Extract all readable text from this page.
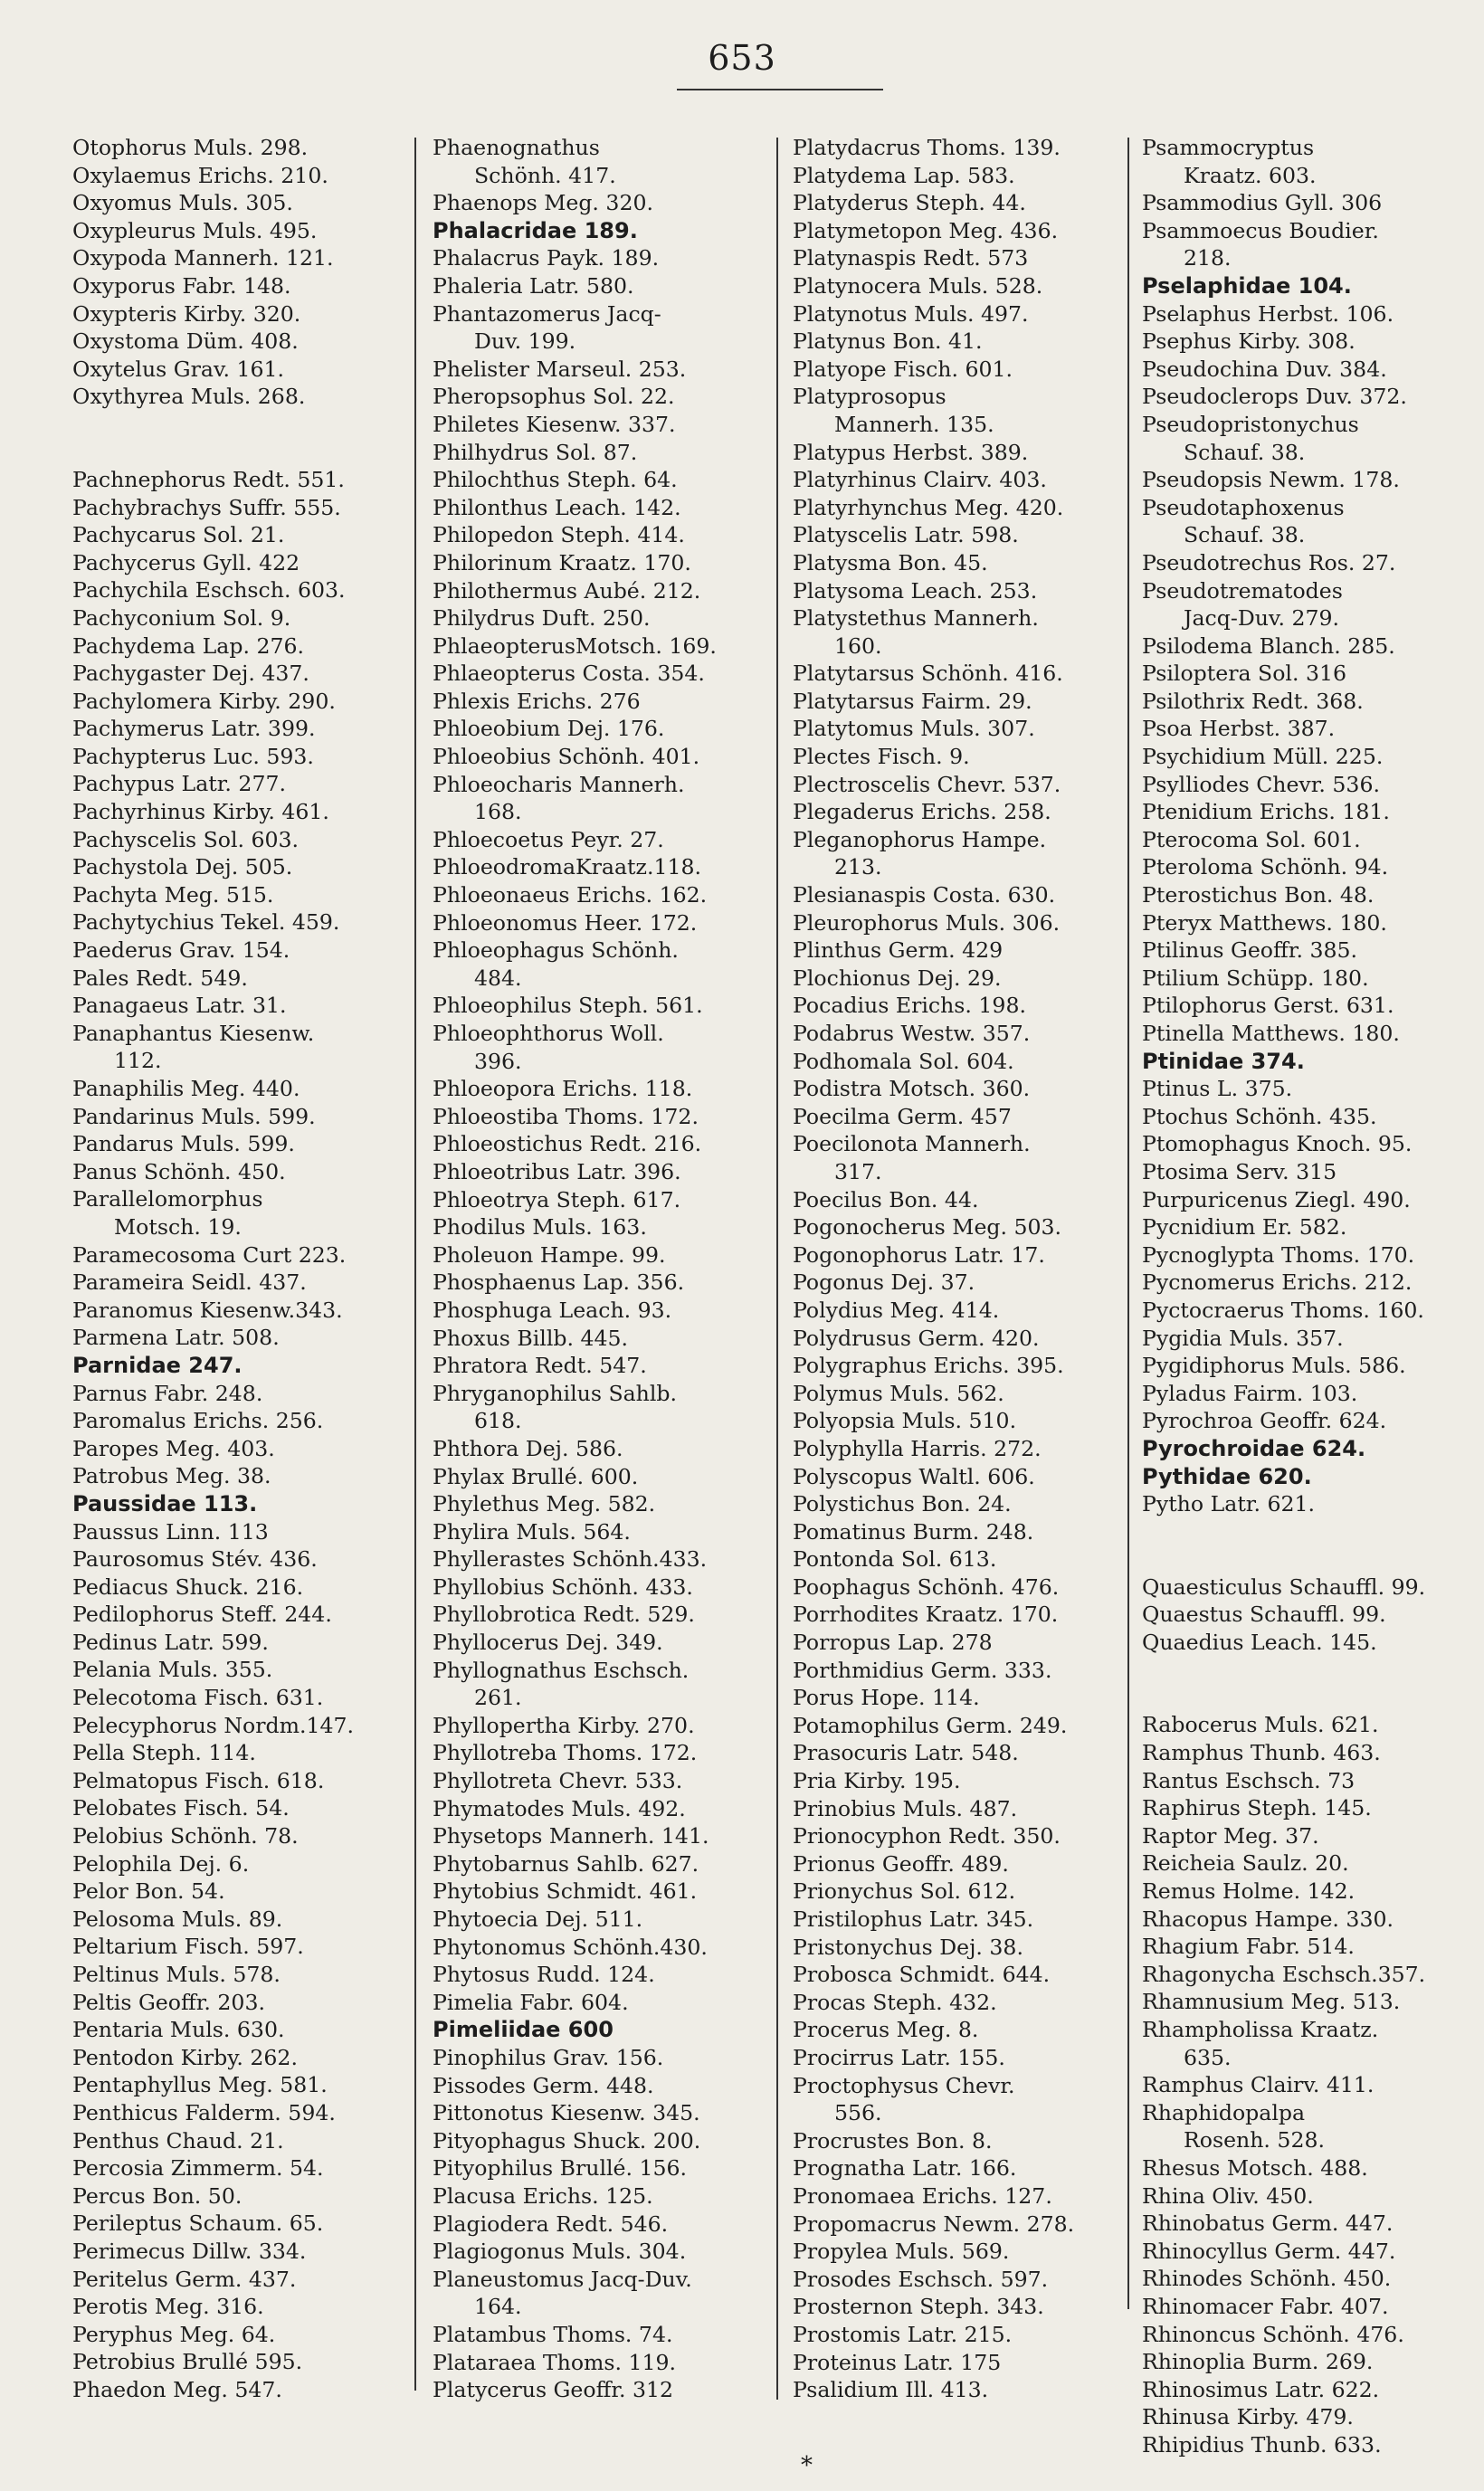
653
Otophorus Muls. 298.
Oxylaemus Erichs. 210.
Oxyomus Muls. 305.
Oxypleurus Muls. 495.
Oxypoda Mannerh. 121.
Oxyporus Fabr. 148.
Oxypteris Kirby. 320.
Oxystoma Düm. 408.
Oxytelus Grav. 161.
Oxythyrea Muls. 268.
Pachnephorus Redt. 551.
Pachybrachys Suffr. 555.
Pachycarus Sol. 21.
Pachycerus Gyll. 422
Pachychila Eschsch. 603.
Pachyconium Sol. 9.
Pachydema Lap. 276.
Pachygaster Dej. 437.
Pachylomera Kirby. 290.
Pachymerus Latr. 399.
Pachypterus Luc. 593.
Pachypus Latr. 277.
Pachyrhinus Kirby. 461.
Pachyscelis Sol. 603.
Pachystola Dej. 505.
Pachyta Meg. 515.
Pachytychius Tekel. 459.
Paederus Grav. 154.
Pales Redt. 549.
Panagaeus Latr. 31.
Panaphantus Kiesenw.
112.
Panaphilis Meg. 440.
Pandarinus Muls. 599.
Pandarus Muls. 599.
Panus Schönh. 450.
Parallelomorphus
Motsch. 19.
Paramecosoma Curt 223.
Parameira Seidl. 437.
Paranomus Kiesenw.343.
Parmena Latr. 508.
Parnidae 247.
Parnus Fabr. 248.
Paromalus Erichs. 256.
Paropes Meg. 403.
Patrobus Meg. 38.
Paussidae 113.
Paussus Linn. 113
Paurosomus Stév. 436.
Pediacus Shuck. 216.
Pedilophorus Steff. 244.
Pedinus Latr. 599.
Pelania Muls. 355.
Pelecotoma Fisch. 631.
Pelecyphorus Nordm.147.
Pella Steph. 114.
Pelmatopus Fisch. 618.
Pelobates Fisch. 54.
Pelobius Schönh. 78.
Pelophila Dej. 6.
Pelor Bon. 54.
Pelosoma Muls. 89.
Peltarium Fisch. 597.
Peltinus Muls. 578.
Peltis Geoffr. 203.
Pentaria Muls. 630.
Pentodon Kirby. 262.
Pentaphyllus Meg. 581.
Penthicus Falderm. 594.
Penthus Chaud. 21.
Percosia Zimmerm. 54.
Percus Bon. 50.
Perileptus Schaum. 65.
Perimecus Dillw. 334.
Peritelus Germ. 437.
Perotis Meg. 316.
Peryphus Meg. 64.
Petrobius Brullé 595.
Phaedon Meg. 547.
Phaenognathus
Schönh. 417.
Phaenops Meg. 320.
Phalacridae 189.
Phalacrus Payk. 189.
Phaleria Latr. 580.
Phantazomerus Jacq-
Duv. 199.
Phelister Marseul. 253.
Pheropsophus Sol. 22.
Philetes Kiesenw. 337.
Philhydrus Sol. 87.
Philochthus Steph. 64.
Philonthus Leach. 142.
Philopedon Steph. 414.
Philorinum Kraatz. 170.
Philothermus Aubé. 212.
Philydrus Duft. 250.
PhlaeopterusMotsch. 169.
Phlaeopterus Costa. 354.
Phlexis Erichs. 276
Phloeobium Dej. 176.
Phloeobius Schönh. 401.
Phloeocharis Mannerh.
168.
Phloecoetus Peyr. 27.
PhloeodromaKraatz.118.
Phloeonaeus Erichs. 162.
Phloeonomus Heer. 172.
Phloeophagus Schönh.
484.
Phloeophilus Steph. 561.
Phloeophthorus Woll.
396.
Phloeopora Erichs. 118.
Phloeostiba Thoms. 172.
Phloeostichus Redt. 216.
Phloeotribus Latr. 396.
Phloeotrya Steph. 617.
Phodilus Muls. 163.
Pholeuon Hampe. 99.
Phosphaenus Lap. 356.
Phosphuga Leach. 93.
Phoxus Billb. 445.
Phratora Redt. 547.
Phryganophilus Sahlb.
618.
Phthora Dej. 586.
Phylax Brullé. 600.
Phylethus Meg. 582.
Phylira Muls. 564.
Phyllerastes Schönh.433.
Phyllobius Schönh. 433.
Phyllobrotica Redt. 529.
Phyllocerus Dej. 349.
Phyllognathus Eschsch.
261.
Phyllopertha Kirby. 270.
Phyllotreba Thoms. 172.
Phyllotreta Chevr. 533.
Phymatodes Muls. 492.
Physetops Mannerh. 141.
Phytobarnus Sahlb. 627.
Phytobius Schmidt. 461.
Phytoecia Dej. 511.
Phytonomus Schönh.430.
Phytosus Rudd. 124.
Pimelia Fabr. 604.
Pimeliidae 600
Pinophilus Grav. 156.
Pissodes Germ. 448.
Pittonotus Kiesenw. 345.
Pityophagus Shuck. 200.
Pityophilus Brullé. 156.
Placusa Erichs. 125.
Plagiodera Redt. 546.
Plagiogonus Muls. 304.
Planeustomus Jacq-Duv.
164.
Platambus Thoms. 74.
Plataraea Thoms. 119.
Platycerus Geoffr. 312
Platydacrus Thoms. 139.
Platydema Lap. 583.
Platyderus Steph. 44.
Platymetopon Meg. 436.
Platynaspis Redt. 573
Platynocera Muls. 528.
Platynotus Muls. 497.
Platynus Bon. 41.
Platyope Fisch. 601.
Platyprosopus
Mannerh. 135.
Platypus Herbst. 389.
Platyrhinus Clairv. 403.
Platyrhynchus Meg. 420.
Platyscelis Latr. 598.
Platysma Bon. 45.
Platysoma Leach. 253.
Platystethus Mannerh.
160.
Platytarsus Schönh. 416.
Platytarsus Fairm. 29.
Platytomus Muls. 307.
Plectes Fisch. 9.
Plectroscelis Chevr. 537.
Plegaderus Erichs. 258.
Pleganophorus Hampe.
213.
Plesianaspis Costa. 630.
Pleurophorus Muls. 306.
Plinthus Germ. 429
Plochionus Dej. 29.
Pocadius Erichs. 198.
Podabrus Westw. 357.
Podhomala Sol. 604.
Podistra Motsch. 360.
Poecilma Germ. 457
Poecilonota Mannerh.
317.
Poecilus Bon. 44.
Pogonocherus Meg. 503.
Pogonophorus Latr. 17.
Pogonus Dej. 37.
Polydius Meg. 414.
Polydrusus Germ. 420.
Polygraphus Erichs. 395.
Polymus Muls. 562.
Polyopsia Muls. 510.
Polyphylla Harris. 272.
Polyscopus Waltl. 606.
Polystichus Bon. 24.
Pomatinus Burm. 248.
Pontonda Sol. 613.
Poophagus Schönh. 476.
Porrhodites Kraatz. 170.
Porropus Lap. 278
Porthmidius Germ. 333.
Porus Hope. 114.
Potamophilus Germ. 249.
Prasocuris Latr. 548.
Pria Kirby. 195.
Prinobius Muls. 487.
Prionocyphon Redt. 350.
Prionus Geoffr. 489.
Prionychus Sol. 612.
Pristilophus Latr. 345.
Pristonychus Dej. 38.
Probosca Schmidt. 644.
Procas Steph. 432.
Procerus Meg. 8.
Procirrus Latr. 155.
Proctophysus Chevr.
556.
Procrustes Bon. 8.
Prognatha Latr. 166.
Pronomaea Erichs. 127.
Propomacrus Newm. 278.
Propylea Muls. 569.
Prosodes Eschsch. 597.
Prosternon Steph. 343.
Prostomis Latr. 215.
Proteinus Latr. 175
Psalidium Ill. 413.
Psammocryptus
Kraatz. 603.
Psammodius Gyll. 306
Psammoecus Boudier.
218.
Pselaphidae 104.
Pselaphus Herbst. 106.
Psephus Kirby. 308.
Pseudochina Duv. 384.
Pseudoclerops Duv. 372.
Pseudopristonychus
Schauf. 38.
Pseudopsis Newm. 178.
Pseudotaphoxenus
Schauf. 38.
Pseudotrechus Ros. 27.
Pseudotrematodes
Jacq-Duv. 279.
Psilodema Blanch. 285.
Psiloptera Sol. 316
Psilothrix Redt. 368.
Psoa Herbst. 387.
Psychidium Müll. 225.
Psylliodes Chevr. 536.
Ptenidium Erichs. 181.
Pterocoma Sol. 601.
Pteroloma Schönh. 94.
Pterostichus Bon. 48.
Pteryx Matthews. 180.
Ptilinus Geoffr. 385.
Ptilium Schüpp. 180.
Ptilophorus Gerst. 631.
Ptinella Matthews. 180.
Ptinidae 374.
Ptinus L. 375.
Ptochus Schönh. 435.
Ptomophagus Knoch. 95.
Ptosima Serv. 315
Purpuricenus Ziegl. 490.
Pycnidium Er. 582.
Pycnoglypta Thoms. 170.
Pycnomerus Erichs. 212.
Pyctocraerus Thoms. 160.
Pygidia Muls. 357.
Pygidiphorus Muls. 586.
Pyladus Fairm. 103.
Pyrochroa Geoffr. 624.
Pyrochroidae 624.
Pythidae 620.
Pytho Latr. 621.
Quaesticulus Schauffl. 99.
Quaestus Schauffl. 99.
Quaedius Leach. 145.
Rabocerus Muls. 621.
Ramphus Thunb. 463.
Rantus Eschsch. 73
Raphirus Steph. 145.
Raptor Meg. 37.
Reicheia Saulz. 20.
Remus Holme. 142.
Rhacopus Hampe. 330.
Rhagium Fabr. 514.
Rhagonycha Eschsch.357.
Rhamnusium Meg. 513.
Rhampholissa Kraatz.
635.
Ramphus Clairv. 411.
Rhaphidopalpa
Rosenh. 528.
Rhesus Motsch. 488.
Rhina Oliv. 450.
Rhinobatus Germ. 447.
Rhinocyllus Germ. 447.
Rhinodes Schönh. 450.
Rhinomacer Fabr. 407.
Rhinoncus Schönh. 476.
Rhinoplia Burm. 269.
Rhinosimus Latr. 622.
Rhinusa Kirby. 479.
Rhipidius Thunb. 633.
*
